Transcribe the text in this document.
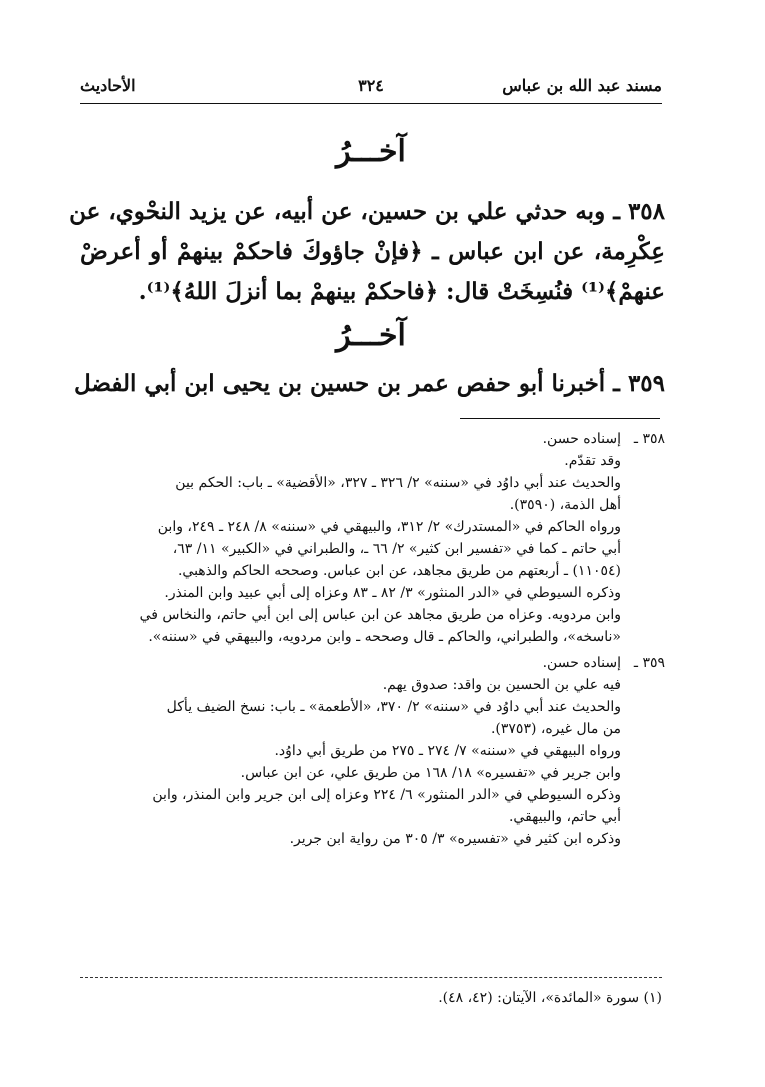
مسند عبد الله بن عباس
٣٢٤
الأحاديث
آخـــرُ
٣٥٨ ـ وبه حدثي علي بن حسين، عن أبيه، عن يزيد النحْوي، عن
عِكْرِمة، عن ابن عباس ـ ﴿فإنْ جاؤوكَ فاحكمْ بينهمْ أو أعرضْ
عنهمْ﴾⁽¹⁾ فنُسِخَتْ قال: ﴿فاحكمْ بينهمْ بما أنزلَ اللهُ﴾⁽¹⁾.
آخـــرُ
٣٥٩ ـ أخبرنا أبو حفص عمر بن حسين بن يحيى ابن أبي الفضل
٣٥٨ ـ
إسناده حسن.
وقد تقدّم.
والحديث عند أبي داوُد في «سننه» ٢/ ٣٢٦ ـ ٣٢٧، «الأقضية» ـ باب: الحكم بين
أهل الذمة، (٣٥٩٠).
ورواه الحاكم في «المستدرك» ٢/ ٣١٢، والبيهقي في «سننه» ٨/ ٢٤٨ ـ ٢٤٩، وابن
أبي حاتم ـ كما في «تفسير ابن كثير» ٢/ ٦٦ ـ، والطبراني في «الكبير» ١١/ ٦٣،
(١١٠٥٤) ـ أربعتهم من طريق مجاهد، عن ابن عباس. وصححه الحاكم والذهبي.
وذكره السيوطي في «الدر المنثور» ٣/ ٨٢ ـ ٨٣ وعزاه إلى أبي عبيد وابن المنذر.
وابن مردويه. وعزاه من طريق مجاهد عن ابن عباس إلى ابن أبي حاتم، والنخاس في
«ناسخه»، والطبراني، والحاكم ـ قال وصححه ـ وابن مردويه، والبيهقي في «سننه».
٣٥٩ ـ
إسناده حسن.
فيه علي بن الحسين بن واقد: صدوق يهم.
والحديث عند أبي داوُد في «سننه» ٢/ ٣٧٠، «الأطعمة» ـ باب: نسخ الضيف يأكل
من مال غيره، (٣٧٥٣).
ورواه البيهقي في «سننه» ٧/ ٢٧٤ ـ ٢٧٥ من طريق أبي داوُد.
وابن جرير في «تفسيره» ١٨/ ١٦٨ من طريق علي، عن ابن عباس.
وذكره السيوطي في «الدر المنثور» ٦/ ٢٢٤ وعزاه إلى ابن جرير وابن المنذر، وابن
أبي حاتم، والبيهقي.
وذكره ابن كثير في «تفسيره» ٣/ ٣٠٥ من رواية ابن جرير.
(١) سورة «المائدة»، الآيتان: (٤٢، ٤٨).
